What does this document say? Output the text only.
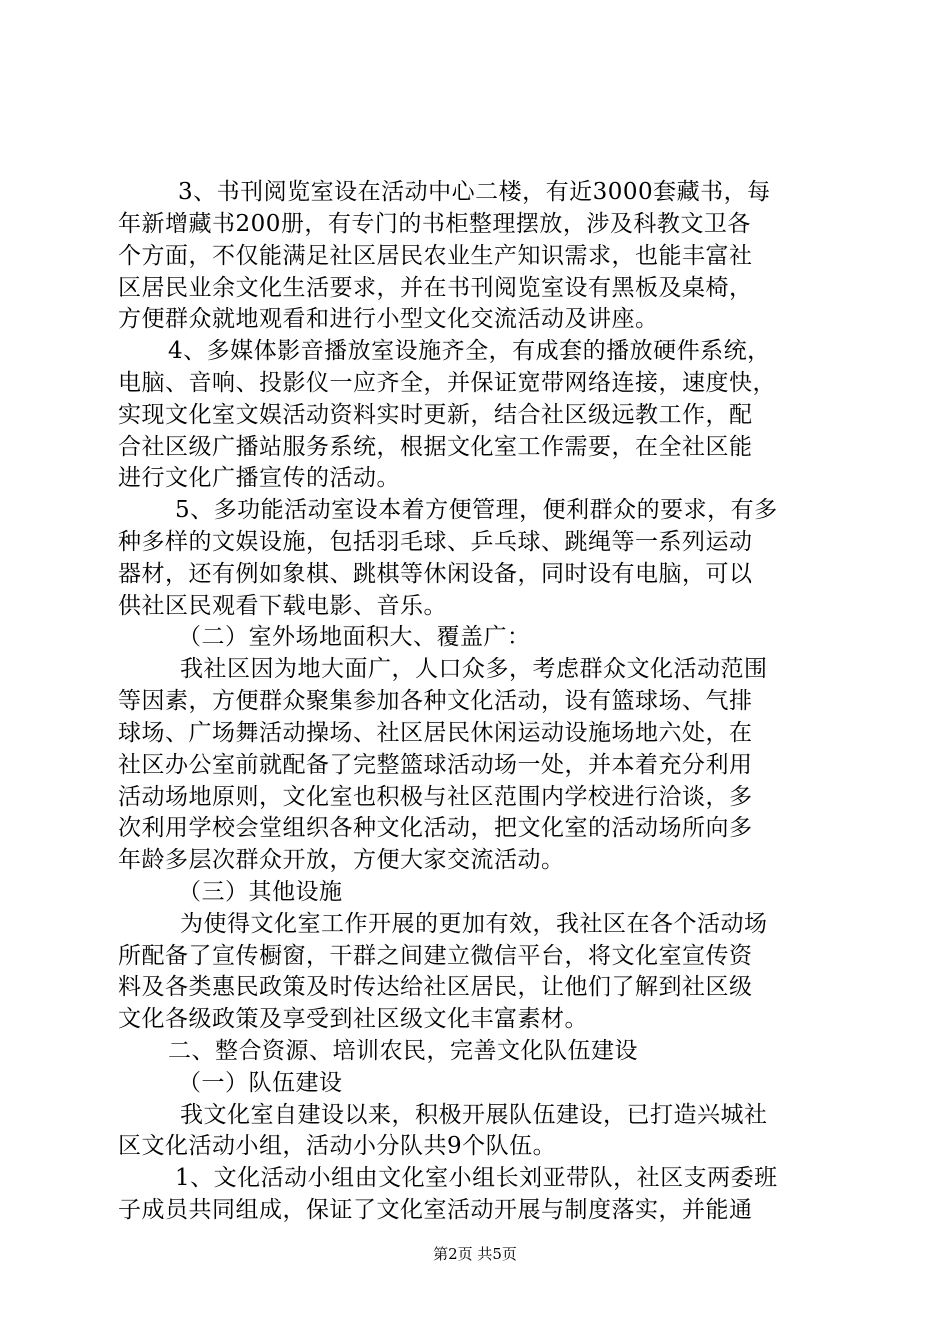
3、书刊阅览室设在活动中心二楼，有近3000套藏书，每
年新增藏书200册，有专门的书柜整理摆放，涉及科教文卫各
个方面，不仅能满足社区居民农业生产知识需求，也能丰富社
区居民业余文化生活要求，并在书刊阅览室设有黑板及桌椅，
方便群众就地观看和进行小型文化交流活动及讲座。
4、多媒体影音播放室设施齐全，有成套的播放硬件系统，
电脑、音响、投影仪一应齐全，并保证宽带网络连接，速度快，
实现文化室文娱活动资料实时更新，结合社区级远教工作，配
合社区级广播站服务系统，根据文化室工作需要，在全社区能
进行文化广播宣传的活动。
5、多功能活动室设本着方便管理，便利群众的要求，有多
种多样的文娱设施，包括羽毛球、乒乓球、跳绳等一系列运动
器材，还有例如象棋、跳棋等休闲设备，同时设有电脑，可以
供社区民观看下载电影、音乐。
（二）室外场地面积大、覆盖广：
我社区因为地大面广，人口众多，考虑群众文化活动范围
等因素，方便群众聚集参加各种文化活动，设有篮球场、气排
球场、广场舞活动操场、社区居民休闲运动设施场地六处，在
社区办公室前就配备了完整篮球活动场一处，并本着充分利用
活动场地原则，文化室也积极与社区范围内学校进行洽谈，多
次利用学校会堂组织各种文化活动，把文化室的活动场所向多
年龄多层次群众开放，方便大家交流活动。
（三）其他设施
为使得文化室工作开展的更加有效，我社区在各个活动场
所配备了宣传橱窗，干群之间建立微信平台，将文化室宣传资
料及各类惠民政策及时传达给社区居民，让他们了解到社区级
文化各级政策及享受到社区级文化丰富素材。
二、整合资源、培训农民，完善文化队伍建设
（一）队伍建设
我文化室自建设以来，积极开展队伍建设，已打造兴城社
区文化活动小组，活动小分队共9个队伍。
1、文化活动小组由文化室小组长刘亚带队，社区支两委班
子成员共同组成，保证了文化室活动开展与制度落实，并能通
第2页 共5页
